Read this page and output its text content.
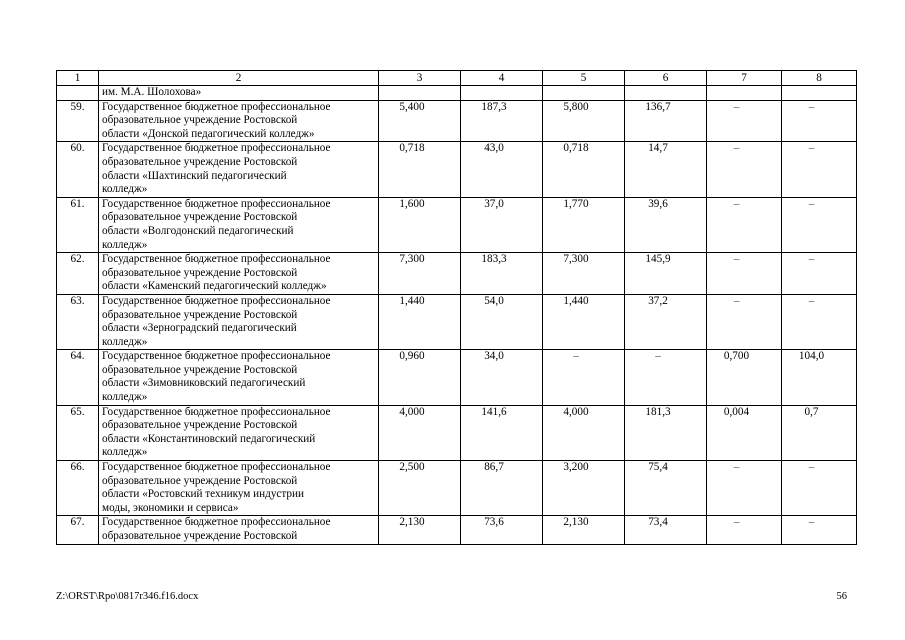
1	2	3	4	5	6	7	8
	им. М.А. Шолохова»						
59.	Государственное бюджетное профессиональное
образовательное учреждение Ростовской
области «Донской педагогический колледж»	5,400	187,3	5,800	136,7	–	–
60.	Государственное бюджетное профессиональное
образовательное учреждение Ростовской
области «Шахтинский педагогический
колледж»	0,718	43,0	0,718	14,7	–	–
61.	Государственное бюджетное профессиональное
образовательное учреждение Ростовской
области «Волгодонский педагогический
колледж»	1,600	37,0	1,770	39,6	–	–
62.	Государственное бюджетное профессиональное
образовательное учреждение Ростовской
области «Каменский педагогический колледж»	7,300	183,3	7,300	145,9	–	–
63.	Государственное бюджетное профессиональное
образовательное учреждение Ростовской
области «Зерноградский педагогический
колледж»	1,440	54,0	1,440	37,2	–	–
64.	Государственное бюджетное профессиональное
образовательное учреждение Ростовской
области «Зимовниковский педагогический
колледж»	0,960	34,0	–	–	0,700	104,0
65.	Государственное бюджетное профессиональное
образовательное учреждение Ростовской
области «Константиновский педагогический
колледж»	4,000	141,6	4,000	181,3	0,004	0,7
66.	Государственное бюджетное профессиональное
образовательное учреждение Ростовской
области «Ростовский техникум индустрии
моды, экономики и сервиса»	2,500	86,7	3,200	75,4	–	–
67.	Государственное бюджетное профессиональное
образовательное учреждение Ростовской	2,130	73,6	2,130	73,4	–	–
Z:\ORST\Rpo\0817r346.f16.docx	56
